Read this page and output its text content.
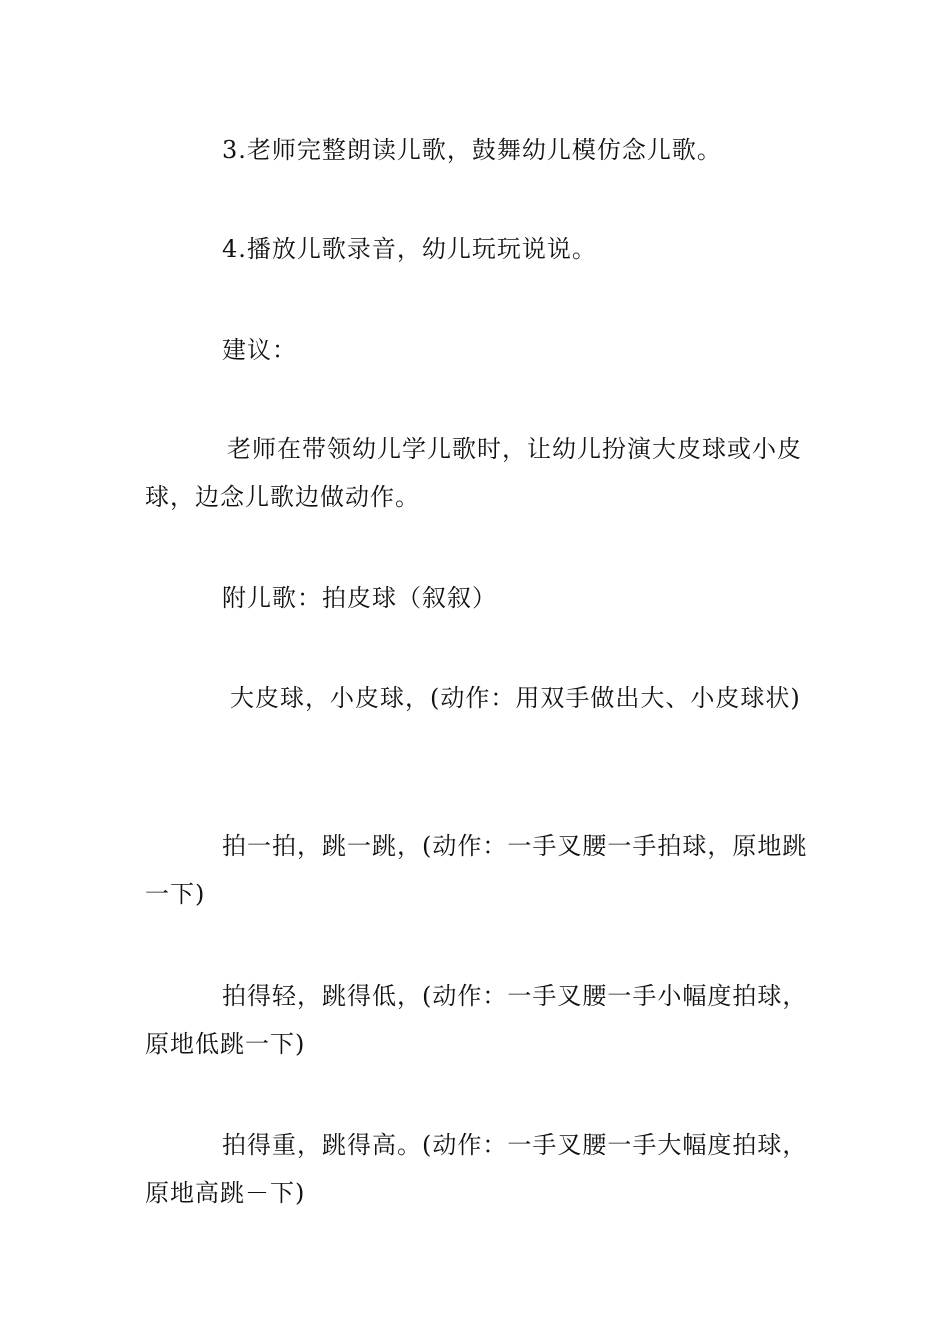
3.老师完整朗读儿歌，鼓舞幼儿模仿念儿歌。

4.播放儿歌录音，幼儿玩玩说说。

建议：

老师在带领幼儿学儿歌时，让幼儿扮演大皮球或小皮球，边念儿歌边做动作。

附儿歌：拍皮球（叙叙）

大皮球，小皮球，(动作：用双手做出大、小皮球状)

拍一拍，跳一跳，(动作：一手叉腰一手拍球，原地跳一下)

拍得轻，跳得低，(动作：一手叉腰一手小幅度拍球，原地低跳一下)

拍得重，跳得高。(动作：一手叉腰一手大幅度拍球，原地高跳－下)
